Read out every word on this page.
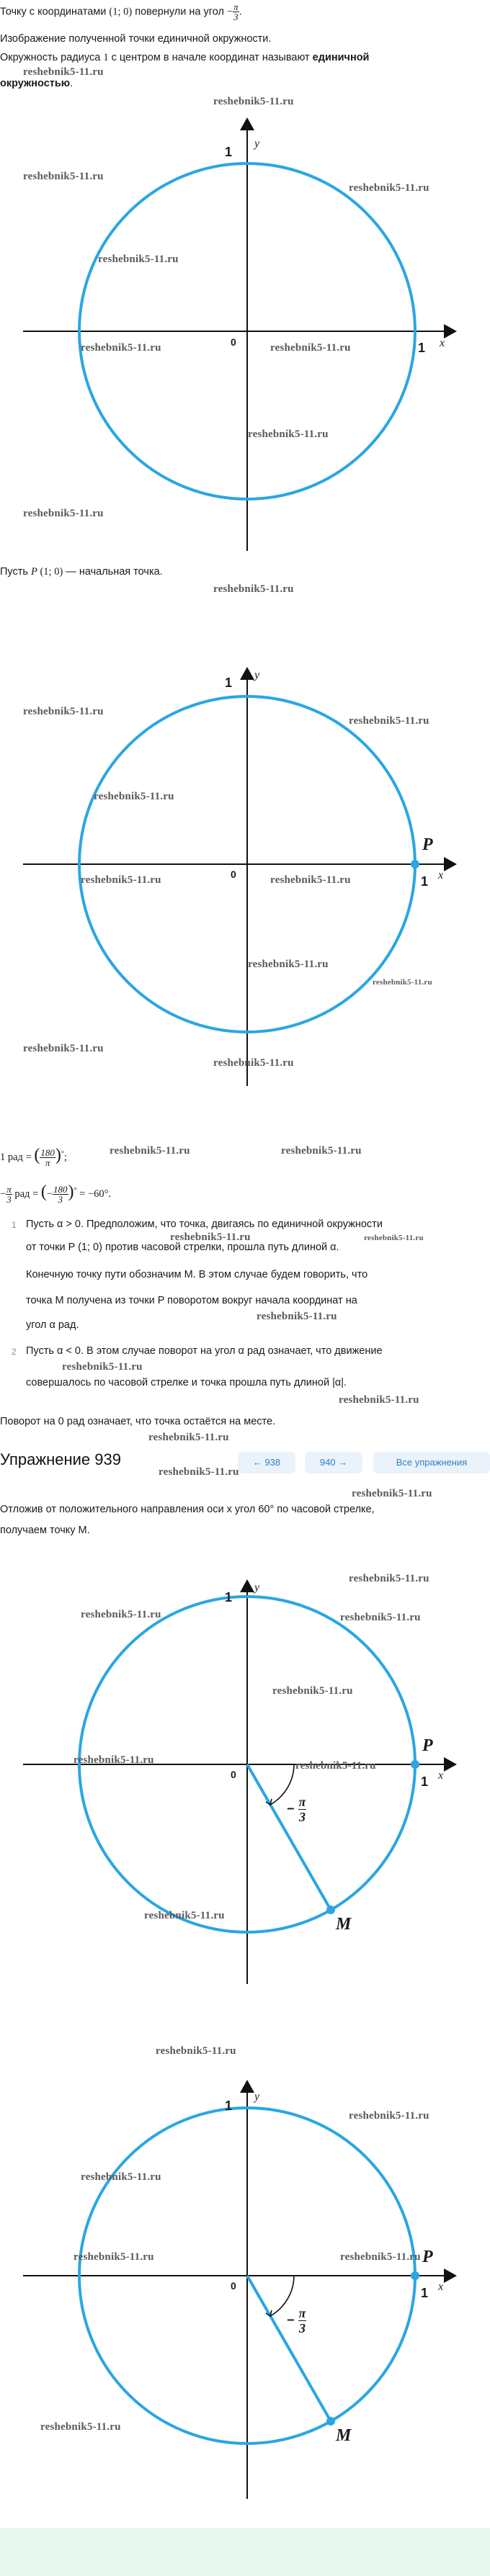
Точку с координатами (1; 0) повернули на угол − $\frac{\pi}{3}$ .
Изображение полученной точки единичной окружности.
Окружность радиуса 1 с центром в начале координат называют единичной
окружностью.
reshebnik5-11.ru
y
1
0	1 x
reshebnik5-11.ru
reshebnik5-11.ru
reshebnik5-11.ru
reshebnik5-11.ru
reshebnik5-11.ru	reshebnik5-11.ru
reshebnik5-11.ru
reshebnik5-11.ru
Пусть P (1; 0) — начальная точка.
reshebnik5-11.ru
y
1
0	1 x
P
reshebnik5-11.ru
reshebnik5-11.ru
reshebnik5-11.ru
reshebnik5-11.ru	reshebnik5-11.ru
reshebnik5-11.ru
reshebnik5-11.ru
reshebnik5-11.ru
reshebnik5-11.ru
1 рад = ( $\frac{180}{\pi} )^\circ$;
− $\frac{\pi}{3}$ рад = (− $\frac{180}{3} )^\circ = -60^\circ$.
reshebnik5-11.ru	reshebnik5-11.ru
1 Пусть α > 0. Предположим, что точка, двигаясь по единичной окружности
reshebnik5-11.ru	reshebnik5-11.ru
от точки P (1; 0) против часовой стрелки, прошла путь длиной α.
Конечную точку пути обозначим M. В этом случае будем говорить, что
точка M получена из точки P поворотом вокруг начала координат на
reshebnik5-11.ru
угол α рад.
2 Пусть α < 0. В этом случае поворот на угол α рад означает, что движение
reshebnik5-11.ru
совершалось по часовой стрелке и точка прошла путь длиной |α|.
reshebnik5-11.ru
Поворот на 0 рад означает, что точка остаётся на месте.
reshebnik5-11.ru
Упражнение 939	← 938	940 →	Все упражнения
reshebnik5-11.ru
reshebnik5-11.ru
Отложив от положительного направления оси x угол 60° по часовой стрелке,
получаем точку M.
y
1
0	1 x
P
M
− $\frac{\pi}{3}$
reshebnik5-11.ru
reshebnik5-11.ru	reshebnik5-11.ru
reshebnik5-11.ru
reshebnik5-11.ru	reshebnik5-11.ru
reshebnik5-11.ru
y
1
0	1 x
P
M
− $\frac{\pi}{3}$
reshebnik5-11.ru
reshebnik5-11.ru
reshebnik5-11.ru
reshebnik5-11.ru
reshebnik5-11.ru
reshebnik5-11.ru
